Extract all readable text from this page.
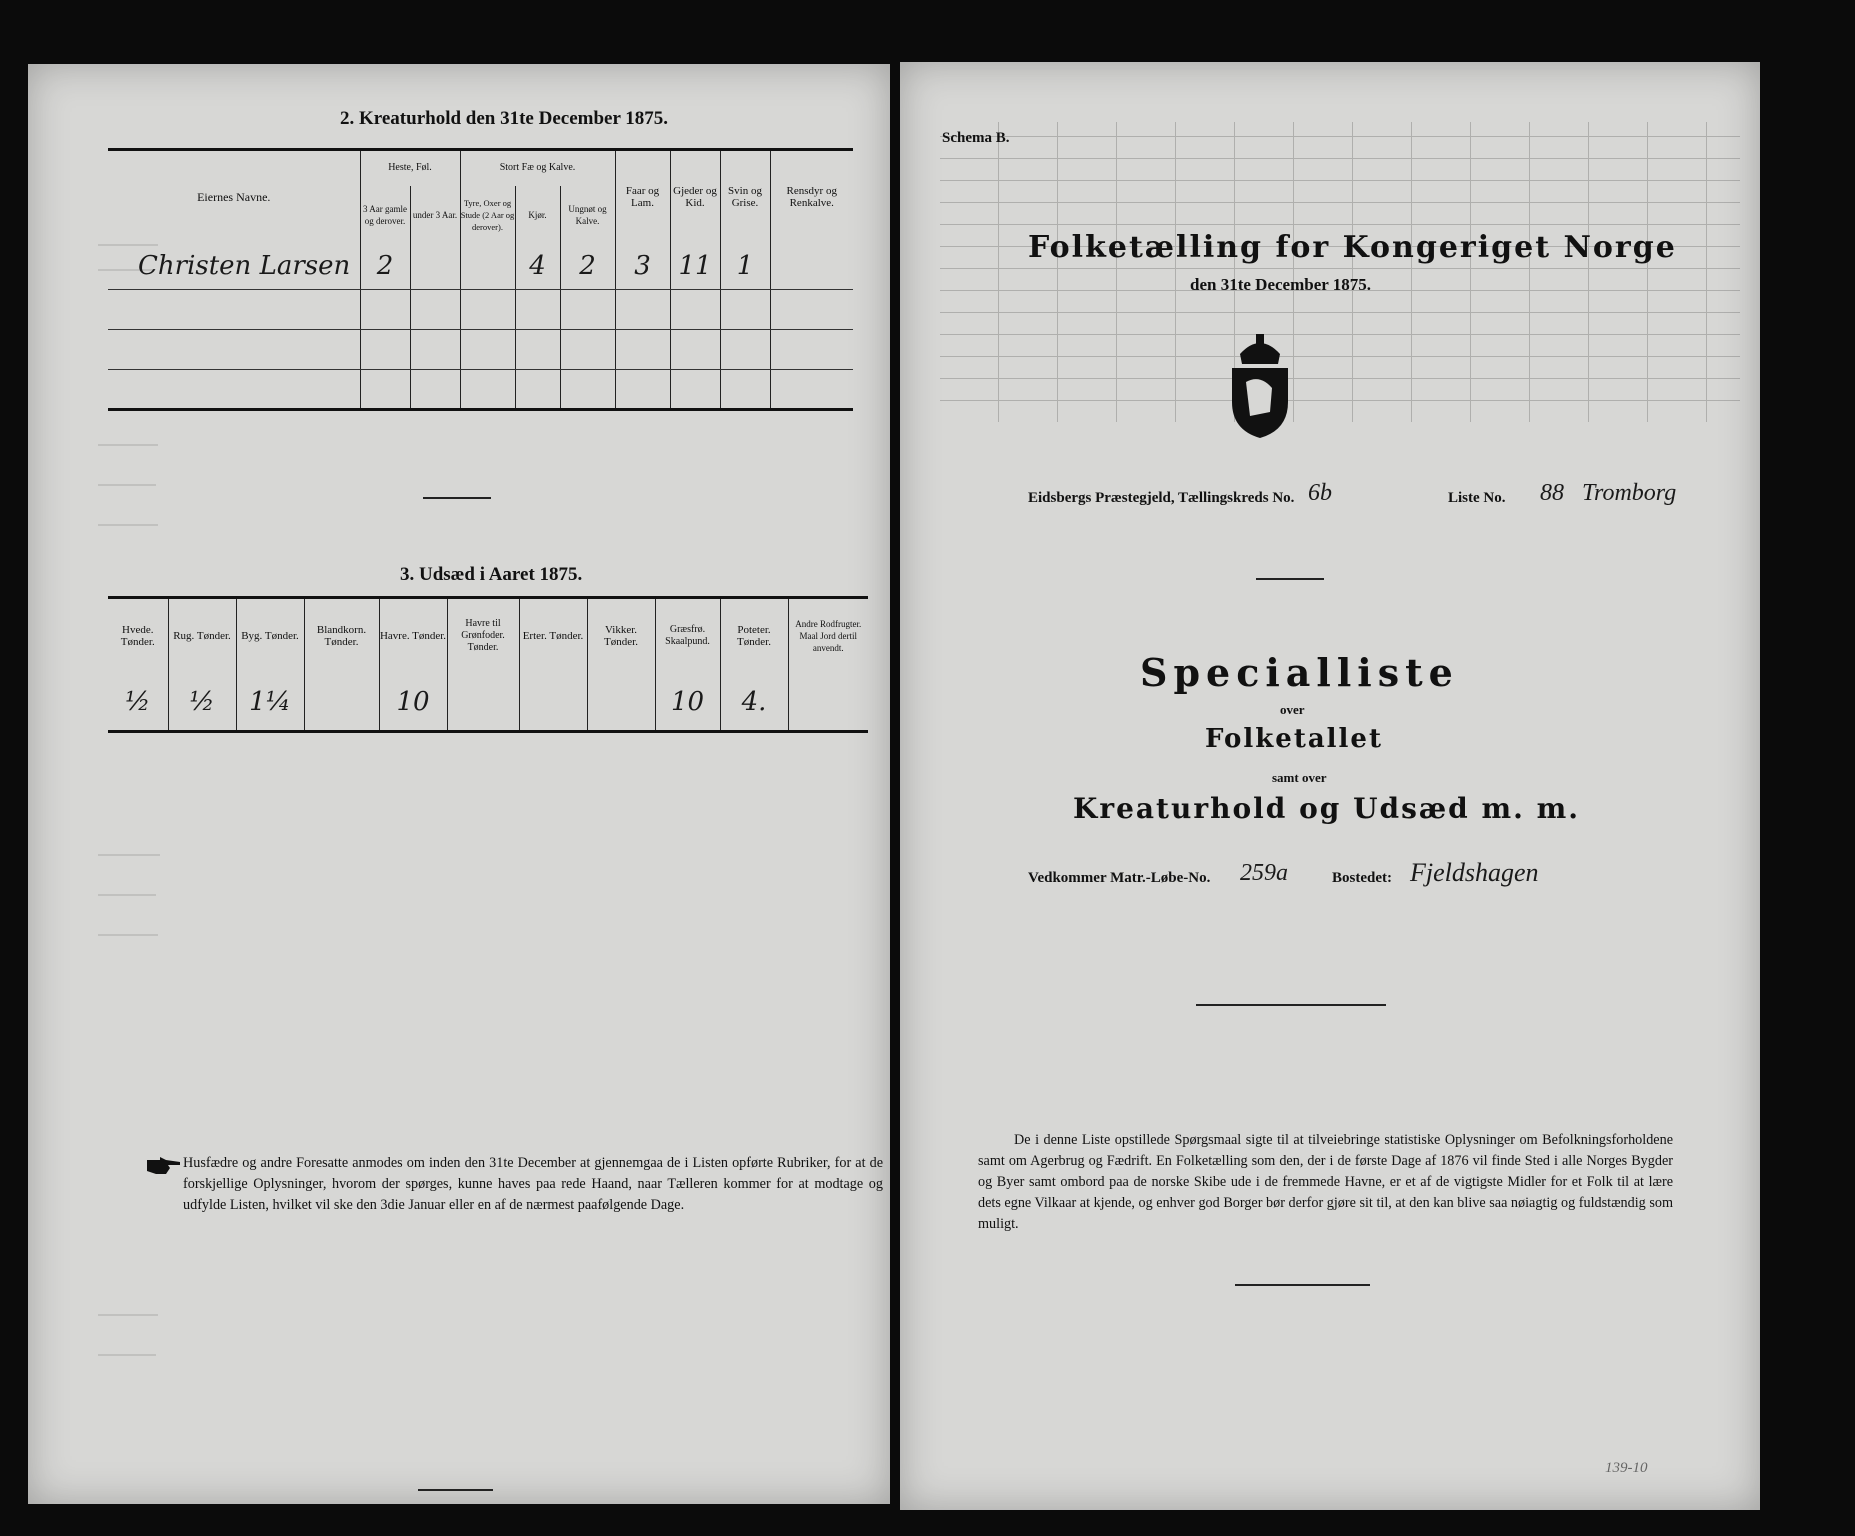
2. Kreaturhold den 31te December 1875.
Eiernes Navne.	Heste, Føl.		Stort Fæ og Kalve.			Faar og Lam.	Gjeder og Kid.	Svin og Grise.	Rensdyr og Renkalve.
	3 Aar gamle og derover.	under 3 Aar.	Tyre, Oxer og Stude (2 Aar og derover).	Kjør.	Ungnøt og Kalve.				
Christen Larsen	2			4	2	3	11	1	

3. Udsæd i Aaret 1875.
Hvede. Tønder.	Rug. Tønder.	Byg. Tønder.	Blandkorn. Tønder.	Havre. Tønder.	Havre til Grønfoder. Tønder.	Erter. Tønder.	Vikker. Tønder.	Græsfrø. Skaalpund.	Poteter. Tønder.	Andre Rodfrugter. Maal Jord dertil anvendt.
½	½	1¼		10				10	4.	
Husfædre og andre Foresatte anmodes om inden den 31te December at gjennemgaa de i Listen opførte Rubriker, for at de forskjellige Oplysninger, hvorom der spørges, kunne haves paa rede Haand, naar Tælleren kommer for at modtage og udfylde Listen, hvilket vil ske den 3die Januar eller en af de nærmest paafølgende Dage.
Schema B.
Folketælling for Kongeriget Norge
den 31te December 1875.
Eidsbergs Præstegjeld, Tællingskreds No. 6b	Liste No. 88 Tromborg
Specialliste
over
Folketallet
samt over
Kreaturhold og Udsæd m. m.
Vedkommer Matr.-Løbe-No. 259a	Bostedet: Fjeldshagen
De i denne Liste opstillede Spørgsmaal sigte til at tilveiebringe statistiske Oplysninger om Befolkningsforholdene samt om Agerbrug og Fædrift. En Folketælling som den, der i de første Dage af 1876 vil finde Sted i alle Norges Bygder og Byer samt ombord paa de norske Skibe ude i de fremmede Havne, er et af de vigtigste Midler for et Folk til at lære dets egne Vilkaar at kjende, og enhver god Borger bør derfor gjøre sit til, at den kan blive saa nøiagtig og fuldstændig som muligt.
139-10
